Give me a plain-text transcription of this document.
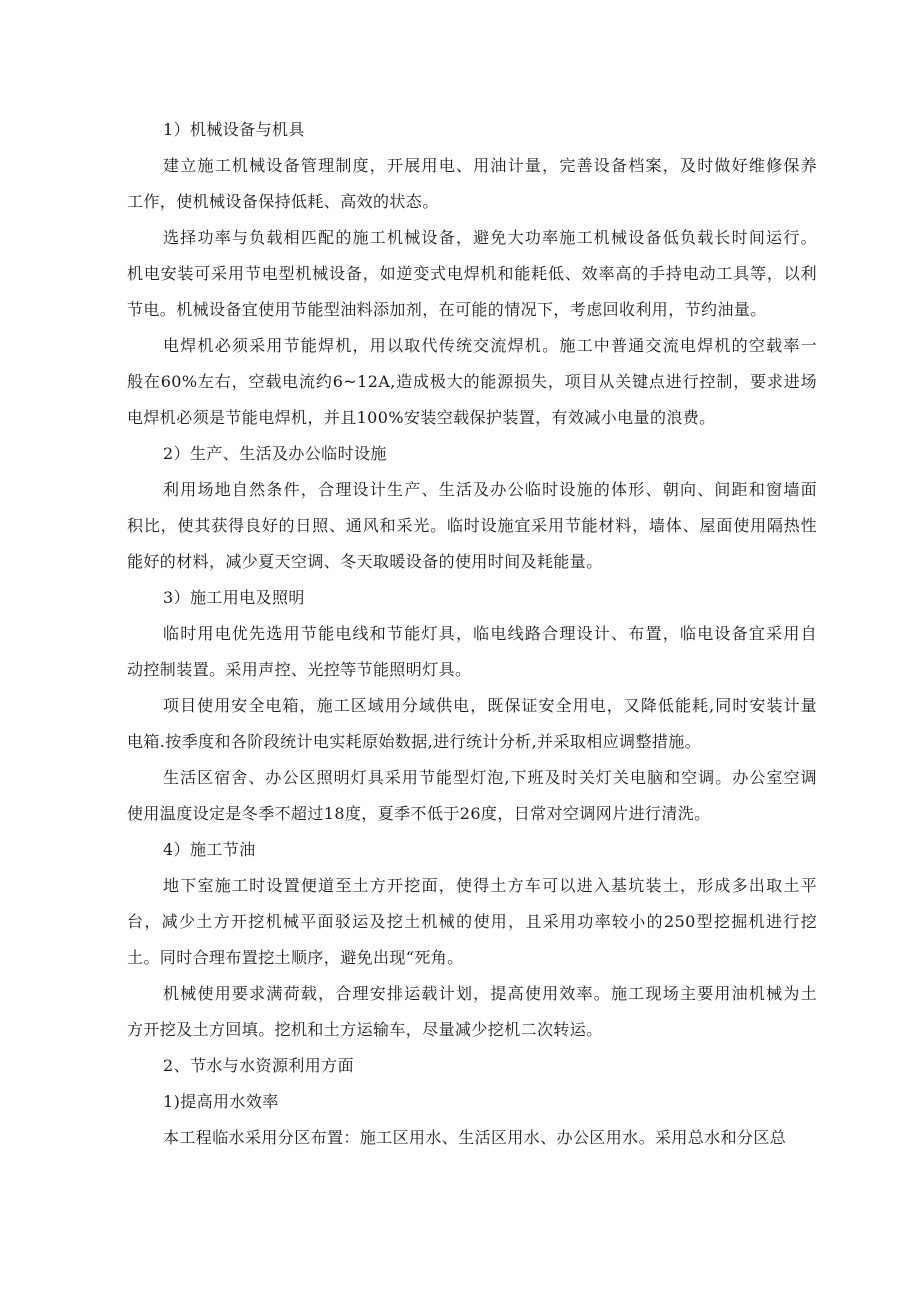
1）机械设备与机具
建立施工机械设备管理制度，开展用电、用油计量，完善设备档案，及时做好维修保养
工作，使机械设备保持低耗、高效的状态。
选择功率与负载相匹配的施工机械设备，避免大功率施工机械设备低负载长时间运行。
机电安装可采用节电型机械设备，如逆变式电焊机和能耗低、效率高的手持电动工具等，以利
节电。机械设备宜使用节能型油料添加剂，在可能的情况下，考虑回收利用，节约油量。
电焊机必须采用节能焊机，用以取代传统交流焊机。施工中普通交流电焊机的空载率一
般在60%左右，空载电流约6~12A,造成极大的能源损失，项目从关键点进行控制，要求进场
电焊机必须是节能电焊机，并且100%安装空载保护装置，有效减小电量的浪费。
2）生产、生活及办公临时设施
利用场地自然条件，合理设计生产、生活及办公临时设施的体形、朝向、间距和窗墙面
积比，使其获得良好的日照、通风和采光。临时设施宜采用节能材料，墙体、屋面使用隔热性
能好的材料，减少夏天空调、冬天取暖设备的使用时间及耗能量。
3）施工用电及照明
临时用电优先选用节能电线和节能灯具，临电线路合理设计、布置，临电设备宜采用自
动控制装置。采用声控、光控等节能照明灯具。
项目使用安全电箱，施工区域用分域供电，既保证安全用电，又降低能耗,同时安装计量
电箱.按季度和各阶段统计电实耗原始数据,进行统计分析,并采取相应调整措施。
生活区宿舍、办公区照明灯具采用节能型灯泡,下班及时关灯关电脑和空调。办公室空调
使用温度设定是冬季不超过18度，夏季不低于26度，日常对空调网片进行清洗。
4）施工节油
地下室施工时设置便道至土方开挖面，使得土方车可以进入基坑装土，形成多出取土平
台，减少土方开挖机械平面驳运及挖土机械的使用，且采用功率较小的250型挖掘机进行挖
土。同时合理布置挖土顺序，避免出现“死角。
机械使用要求满荷载，合理安排运载计划，提高使用效率。施工现场主要用油机械为土
方开挖及土方回填。挖机和土方运输车，尽量减少挖机二次转运。
2、节水与水资源利用方面
1)提高用水效率
本工程临水采用分区布置：施工区用水、生活区用水、办公区用水。采用总水和分区总
